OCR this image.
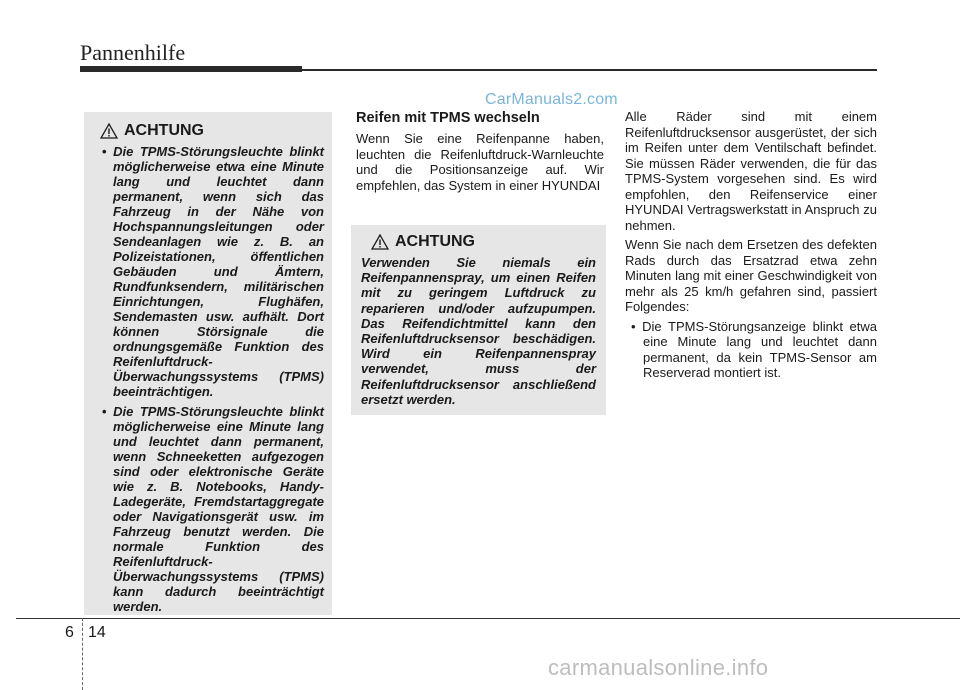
Pannenhilfe
CarManuals2.com
ACHTUNG
• Die TPMS-Störungsleuchte blinkt möglicherweise etwa eine Minute lang und leuchtet dann permanent, wenn sich das Fahrzeug in der Nähe von Hochspannungsleitungen oder Sendeanlagen wie z. B. an Polizeistationen, öffentlichen Gebäuden und Ämtern, Rundfunksendern, militärischen Einrichtungen, Flughäfen, Sendemasten usw. aufhält. Dort können Störsignale die ordnungsgemäße Funktion des Reifenluftdruck-Überwachungssystems (TPMS) beeinträchtigen.
• Die TPMS-Störungsleuchte blinkt möglicherweise eine Minute lang und leuchtet dann permanent, wenn Schneeketten aufgezogen sind oder elektronische Geräte wie z. B. Notebooks, Handy-Ladegeräte, Fremdstartaggregate oder Navigationsgerät usw. im Fahrzeug benutzt werden. Die normale Funktion des Reifenluftdruck-Überwachungssystems (TPMS) kann dadurch beeinträchtigt werden.
Reifen mit TPMS wechseln

Wenn Sie eine Reifenpanne haben, leuchten die Reifenluftdruck-Warnleuchte und die Positionsanzeige auf. Wir empfehlen, das System in einer HYUNDAI

ACHTUNG

Verwenden Sie niemals ein Reifenpannenspray, um einen Reifen mit zu geringem Luftdruck zu reparieren und/oder aufzupumpen. Das Reifendichtmittel kann den Reifenluftdrucksensor beschädigen. Wird ein Reifenpannenspray verwendet, muss der Reifenluftdrucksensor anschließend ersetzt werden.

Alle Räder sind mit einem Reifenluftdrucksensor ausgerüstet, der sich im Reifen unter dem Ventilschaft befindet. Sie müssen Räder verwenden, die für das TPMS-System vorgesehen sind. Es wird empfohlen, den Reifenservice einer HYUNDAI Vertragswerkstatt in Anspruch zu nehmen.

Wenn Sie nach dem Ersetzen des defekten Rads durch das Ersatzrad etwa zehn Minuten lang mit einer Geschwindigkeit von mehr als 25 km/h gefahren sind, passiert Folgendes:

• Die TPMS-Störungsanzeige blinkt etwa eine Minute lang und leuchtet dann permanent, da kein TPMS-Sensor am Reserverad montiert ist.
6 14
carmanualsonline.info
